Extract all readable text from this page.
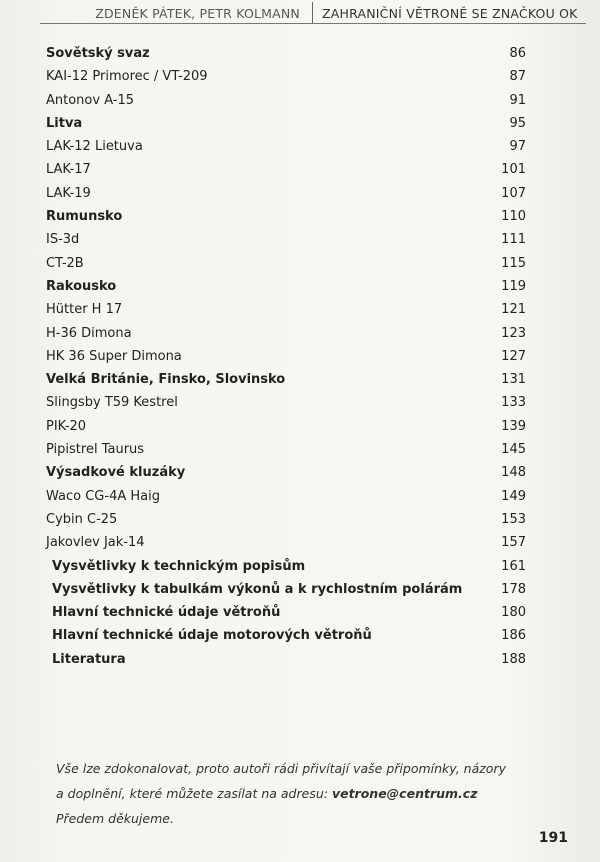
ZDENĚK PÁTEK, PETR KOLMANN ZAHRANIČNÍ VĚTRONĚ SE ZNAČKOU OK
Sovětský svaz	86
KAI-12 Primorec / VT-209	87
Antonov A-15	91
Litva	95
LAK-12 Lietuva	97
LAK-17	101
LAK-19	107
Rumunsko	110
IS-3d	111
CT-2B	115
Rakousko	119
Hütter H 17	121
H-36 Dimona	123
HK 36 Super Dimona	127
Velká Británie, Finsko, Slovinsko	131
Slingsby T59 Kestrel	133
PIK-20	139
Pipistrel Taurus	145
Výsadkové kluzáky	148
Waco CG-4A Haig	149
Cybin C-25	153
Jakovlev Jak-14	157
Vysvětlivky k technickým popisům	161
Vysvětlivky k tabulkám výkonů a k rychlostním polárám	178
Hlavní technické údaje větroňů	180
Hlavní technické údaje motorových větroňů	186
Literatura	188
Vše lze zdokonalovat, proto autoři rádi přivítají vaše připomínky, názory
a doplnění, které můžete zasílat na adresu: vetrone@centrum.cz
Předem děkujeme.
191
